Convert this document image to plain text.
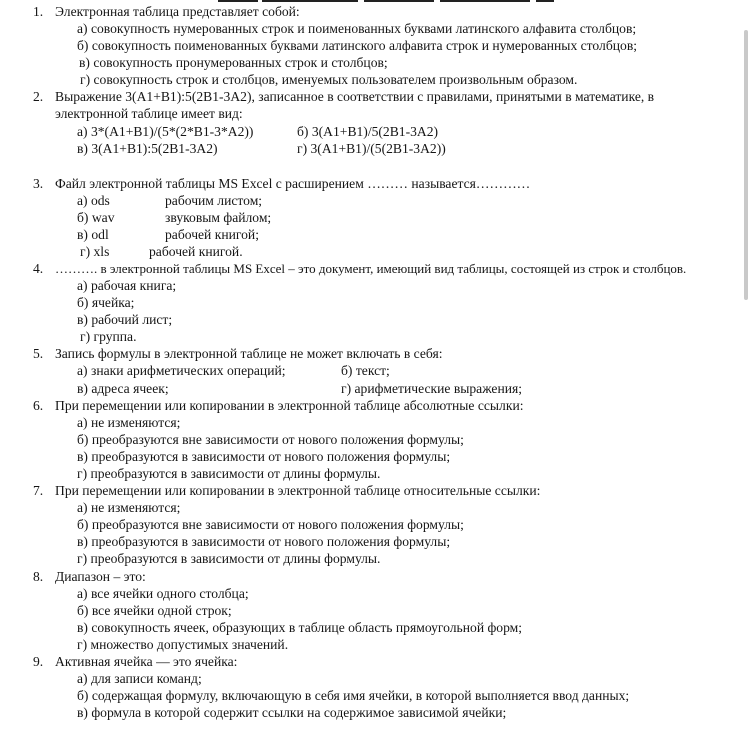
1. Электронная таблица представляет собой:
а) совокупность нумерованных строк и поименованных буквами латинского алфавита столбцов;
б) совокупность поименованных буквами латинского алфавита строк и нумерованных столбцов;
в) совокупность пронумерованных строк и столбцов;
г) совокупность строк и столбцов, именуемых пользователем произвольным образом.
2. Выражение 3(A1+B1):5(2B1-3A2), записанное в соответствии с правилами, принятыми в математике, в
электронной таблице имеет вид:
а) 3*(A1+B1)/(5*(2*B1-3*A2))	б) 3(A1+B1)/5(2B1-3A2)
в) 3(A1+B1):5(2B1-3A2)	г) 3(A1+B1)/(5(2B1-3A2))
3. Файл электронной таблицы MS Excel с расширением ……… называется…………
а) ods	рабочим листом;
б) wav	звуковым файлом;
в) odl	рабочей книгой;
г) xls	рабочей книгой.
4. ………. в электронной таблицы MS Excel – это документ, имеющий вид таблицы, состоящей из строк и столбцов.
а) рабочая книга;
б) ячейка;
в) рабочий лист;
г) группа.
5. Запись формулы в электронной таблице не может включать в себя:
а) знаки арифметических операций;	б) текст;
в) адреса ячеек;	г) арифметические выражения;
6. При перемещении или копировании в электронной таблице абсолютные ссылки:
а) не изменяются;
б) преобразуются вне зависимости от нового положения формулы;
в) преобразуются в зависимости от нового положения формулы;
г) преобразуются в зависимости от длины формулы.
7. При перемещении или копировании в электронной таблице относительные ссылки:
а) не изменяются;
б) преобразуются вне зависимости от нового положения формулы;
в) преобразуются в зависимости от нового положения формулы;
г) преобразуются в зависимости от длины формулы.
8. Диапазон – это:
а) все ячейки одного столбца;
б) все ячейки одной строк;
в) совокупность ячеек, образующих в таблице область прямоугольной форм;
г) множество допустимых значений.
9. Активная ячейка — это ячейка:
а) для записи команд;
б) содержащая формулу, включающую в себя имя ячейки, в которой выполняется ввод данных;
в) формула в которой содержит ссылки на содержимое зависимой ячейки;
